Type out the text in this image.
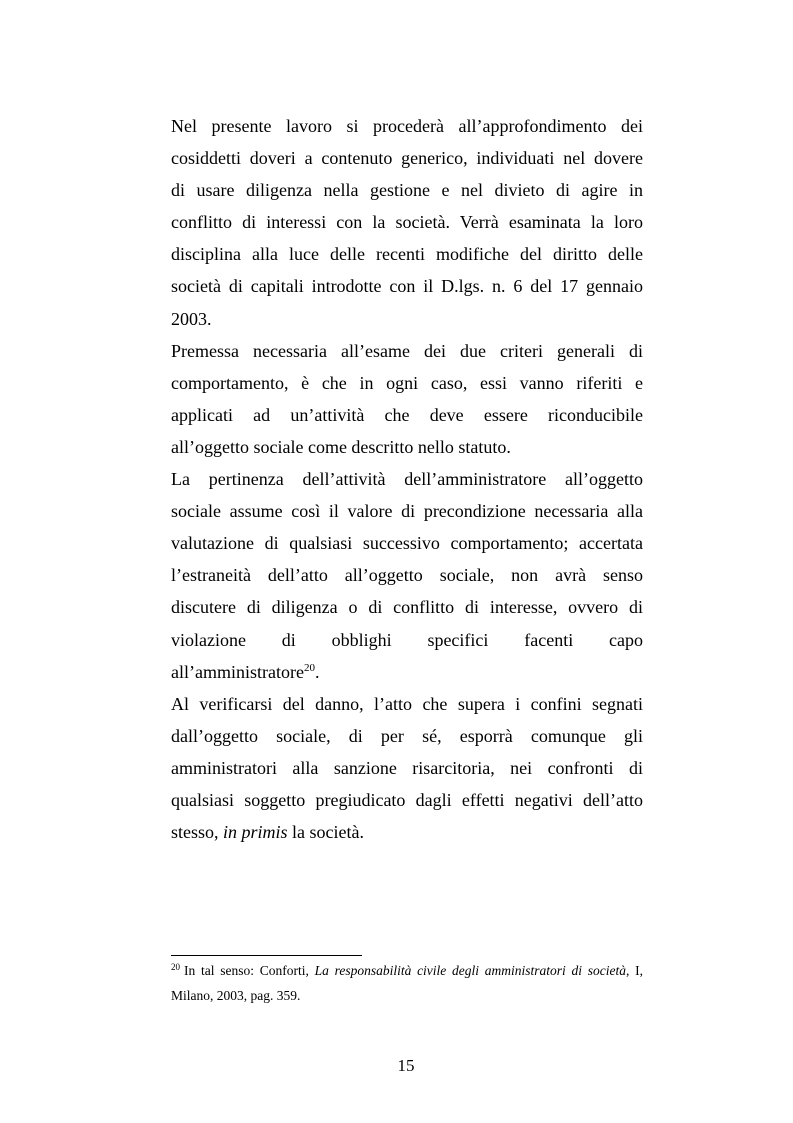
Nel presente lavoro si procederà all’approfondimento dei
cosiddetti doveri a contenuto generico, individuati nel dovere
di usare diligenza nella gestione e nel divieto di agire in
conflitto di interessi con la società. Verrà esaminata la loro
disciplina alla luce delle recenti modifiche del diritto delle
società di capitali introdotte con il D.lgs. n. 6 del 17 gennaio
2003.
Premessa necessaria all’esame dei due criteri generali di
comportamento, è che in ogni caso, essi vanno riferiti e
applicati ad un’attività che deve essere riconducibile
all’oggetto sociale come descritto nello statuto.
La pertinenza dell’attività dell’amministratore all’oggetto
sociale assume così il valore di precondizione necessaria alla
valutazione di qualsiasi successivo comportamento; accertata
l’estraneità dell’atto all’oggetto sociale, non avrà senso
discutere di diligenza o di conflitto di interesse, ovvero di
violazione di obblighi specifici facenti capo
all’amministratore$^{20}$.
Al verificarsi del danno, l’atto che supera i confini segnati
dall’oggetto sociale, di per sé, esporrà comunque gli
amministratori alla sanzione risarcitoria, nei confronti di
qualsiasi soggetto pregiudicato dagli effetti negativi dell’atto
stesso, in primis la società.
$^{20}$ In tal senso: Conforti, La responsabilità civile degli amministratori di società, I,
Milano, 2003, pag. 359.
15
